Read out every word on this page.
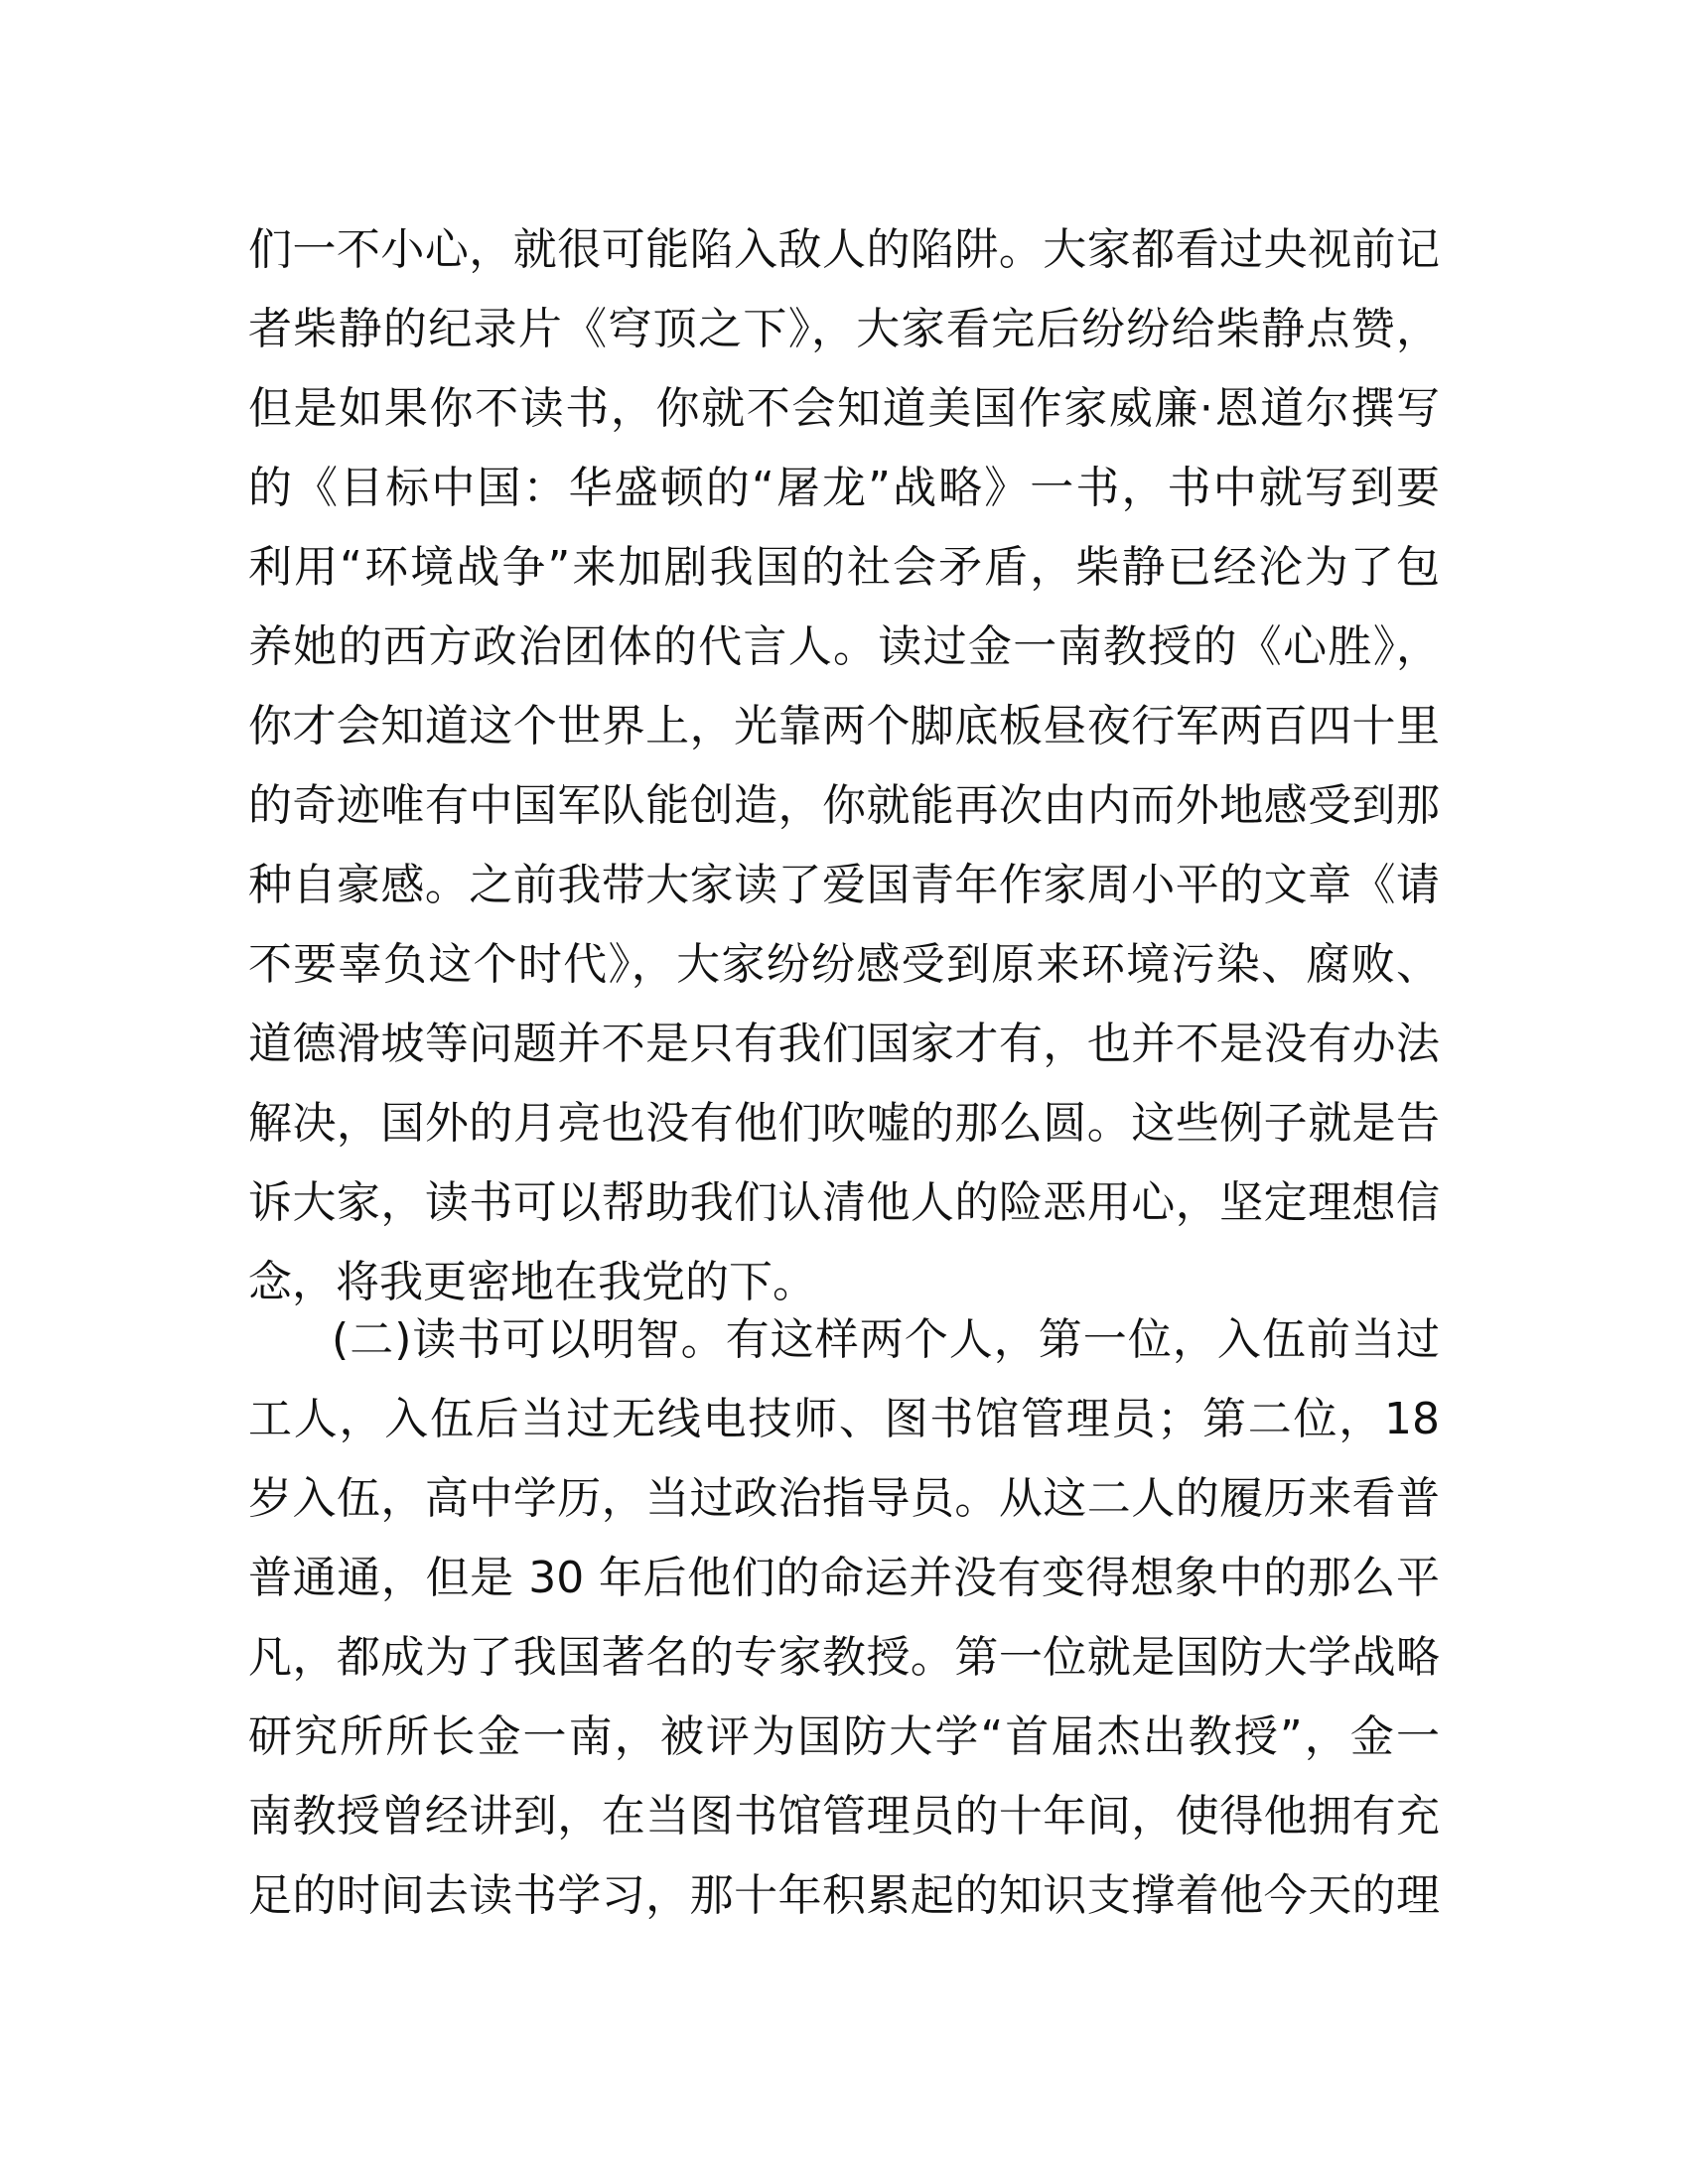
们一不小心，就很可能陷入敌人的陷阱。大家都看过央视前记
者柴静的纪录片《穹顶之下》，大家看完后纷纷给柴静点赞，
但是如果你不读书，你就不会知道美国作家威廉·恩道尔撰写
的《目标中国：华盛顿的“屠龙”战略》一书，书中就写到要
利用“环境战争”来加剧我国的社会矛盾，柴静已经沦为了包
养她的西方政治团体的代言人。读过金一南教授的《心胜》，
你才会知道这个世界上，光靠两个脚底板昼夜行军两百四十里
的奇迹唯有中国军队能创造，你就能再次由内而外地感受到那
种自豪感。之前我带大家读了爱国青年作家周小平的文章《请
不要辜负这个时代》，大家纷纷感受到原来环境污染、腐败、
道德滑坡等问题并不是只有我们国家才有，也并不是没有办法
解决，国外的月亮也没有他们吹嘘的那么圆。这些例子就是告
诉大家，读书可以帮助我们认清他人的险恶用心，坚定理想信
念，将我更密地在我党的下。
(二)读书可以明智。有这样两个人，第一位，入伍前当过
工人，入伍后当过无线电技师、图书馆管理员；第二位，18
岁入伍，高中学历，当过政治指导员。从这二人的履历来看普
普通通，但是 30 年后他们的命运并没有变得想象中的那么平
凡，都成为了我国著名的专家教授。第一位就是国防大学战略
研究所所长金一南，被评为国防大学“首届杰出教授”，金一
南教授曾经讲到，在当图书馆管理员的十年间，使得他拥有充
足的时间去读书学习，那十年积累起的知识支撑着他今天的理
